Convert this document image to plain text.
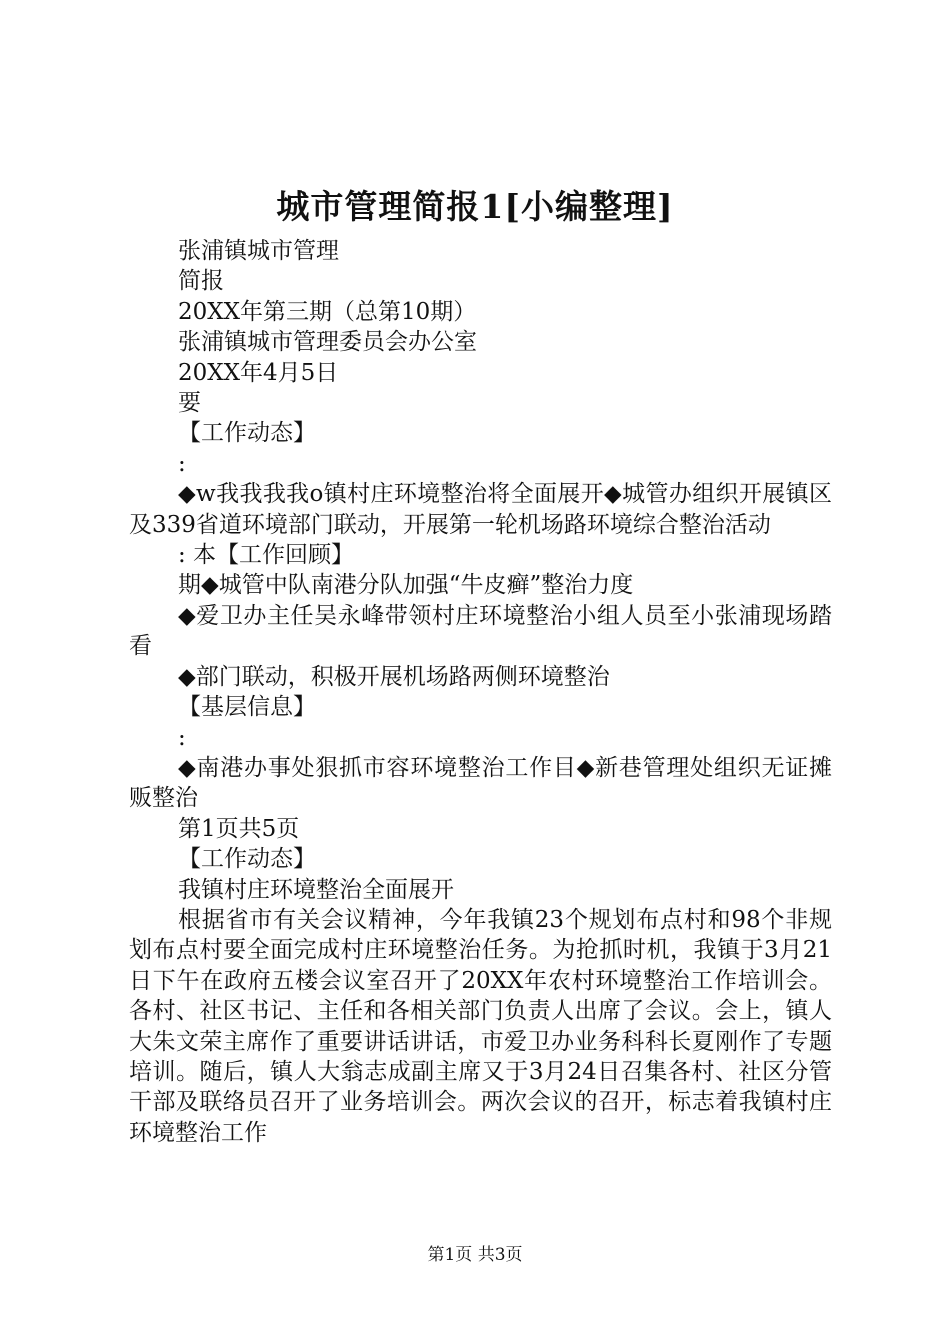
城市管理简报1[小编整理]

张浦镇城市管理

简报

20XX年第三期（总第10期）

张浦镇城市管理委员会办公室

20XX年4月5日

要

【工作动态】

:

◆w我我我我o镇村庄环境整治将全面展开◆城管办组织开展镇区及339省道环境部门联动，开展第一轮机场路环境综合整治活动

: 本【工作回顾】

期◆城管中队南港分队加强“牛皮癣”整治力度

◆爱卫办主任吴永峰带领村庄环境整治小组人员至小张浦现场踏看

◆部门联动，积极开展机场路两侧环境整治

【基层信息】

:

◆南港办事处狠抓市容环境整治工作目◆新巷管理处组织无证摊贩整治

第1页共5页

【工作动态】

我镇村庄环境整治全面展开

根据省市有关会议精神，今年我镇23个规划布点村和98个非规划布点村要全面完成村庄环境整治任务。为抢抓时机，我镇于3月21日下午在政府五楼会议室召开了20XX年农村环境整治工作培训会。各村、社区书记、主任和各相关部门负责人出席了会议。会上，镇人大朱文荣主席作了重要讲话讲话，市爱卫办业务科科长夏刚作了专题培训。随后，镇人大翁志成副主席又于3月24日召集各村、社区分管干部及联络员召开了业务培训会。两次会议的召开，标志着我镇村庄环境整治工作

第1页 共3页
